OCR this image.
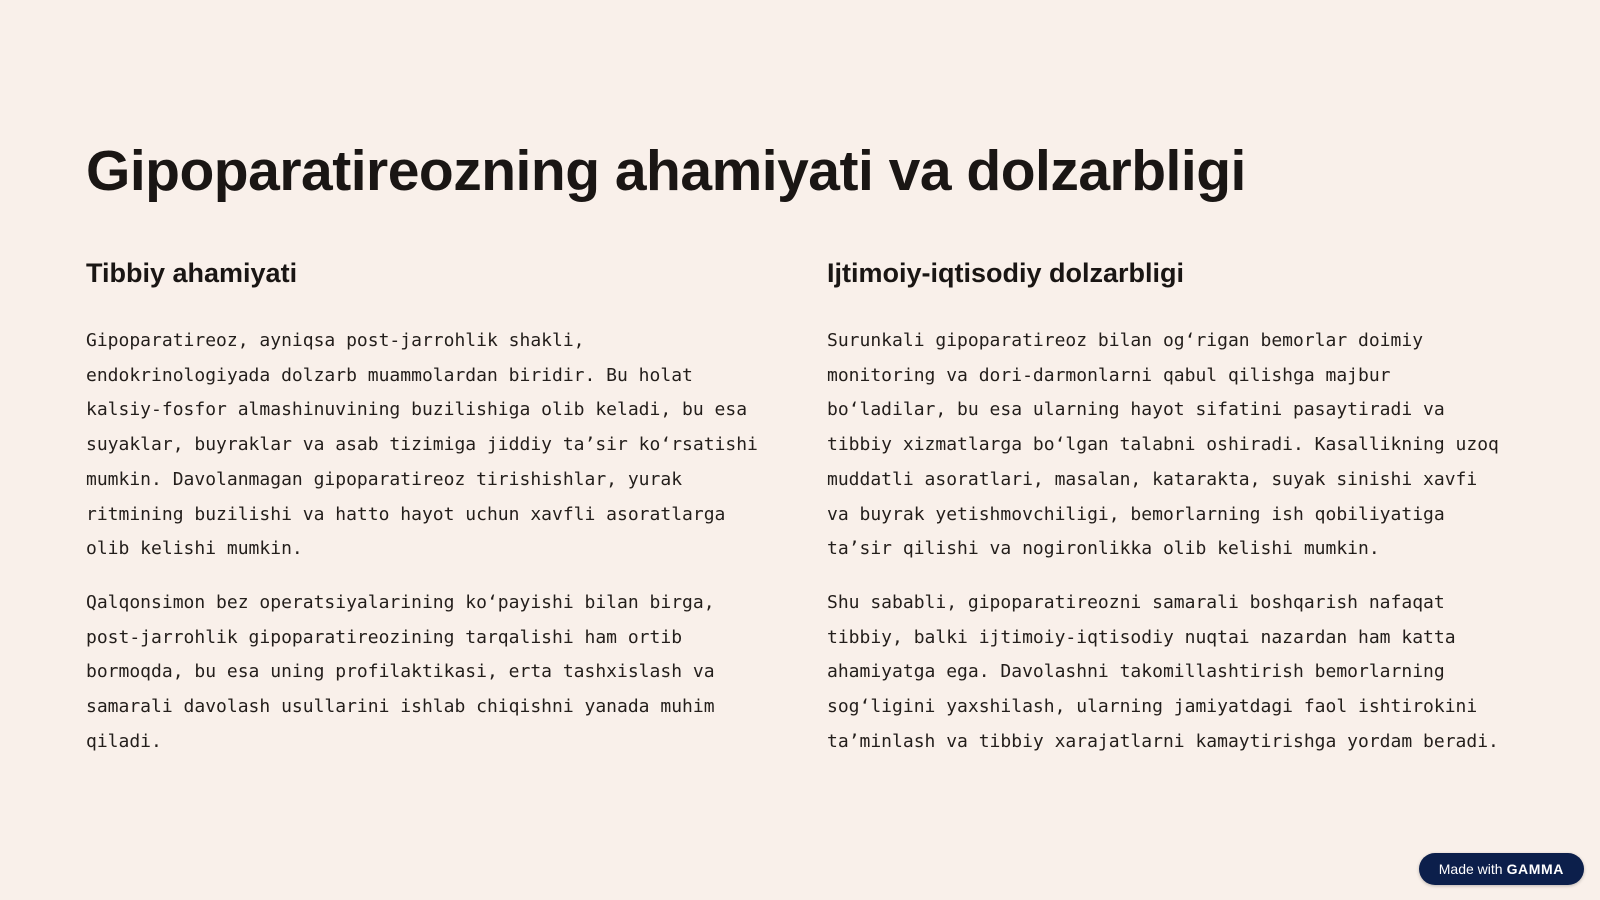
Gipoparatireozning ahamiyati va dolzarbligi
Tibbiy ahamiyati

Gipoparatireoz, ayniqsa post-jarrohlik shakli, endokrinologiyada dolzarb muammolardan biridir. Bu holat kalsiy-fosfor almashinuvining buzilishiga olib keladi, bu esa suyaklar, buyraklar va asab tizimiga jiddiy ta’sir ko‘rsatishi mumkin. Davolanmagan gipoparatireoz tirishishlar, yurak ritmining buzilishi va hatto hayot uchun xavfli asoratlarga olib kelishi mumkin.

Qalqonsimon bez operatsiyalarining ko‘payishi bilan birga, post-jarrohlik gipoparatireozining tarqalishi ham ortib bormoqda, bu esa uning profilaktikasi, erta tashxislash va samarali davolash usullarini ishlab chiqishni yanada muhim qiladi.

Ijtimoiy-iqtisodiy dolzarbligi

Surunkali gipoparatireoz bilan og‘rigan bemorlar doimiy monitoring va dori-darmonlarni qabul qilishga majbur bo‘ladilar, bu esa ularning hayot sifatini pasaytiradi va tibbiy xizmatlarga bo‘lgan talabni oshiradi. Kasallikning uzoq muddatli asoratlari, masalan, katarakta, suyak sinishi xavfi va buyrak yetishmovchiligi, bemorlarning ish qobiliyatiga ta’sir qilishi va nogironlikka olib kelishi mumkin.

Shu sababli, gipoparatireozni samarali boshqarish nafaqat tibbiy, balki ijtimoiy-iqtisodiy nuqtai nazardan ham katta ahamiyatga ega. Davolashni takomillashtirish bemorlarning sog‘ligini yaxshilash, ularning jamiyatdagi faol ishtirokini ta’minlash va tibbiy xarajatlarni kamaytirishga yordam beradi.

Made with GAMMA
